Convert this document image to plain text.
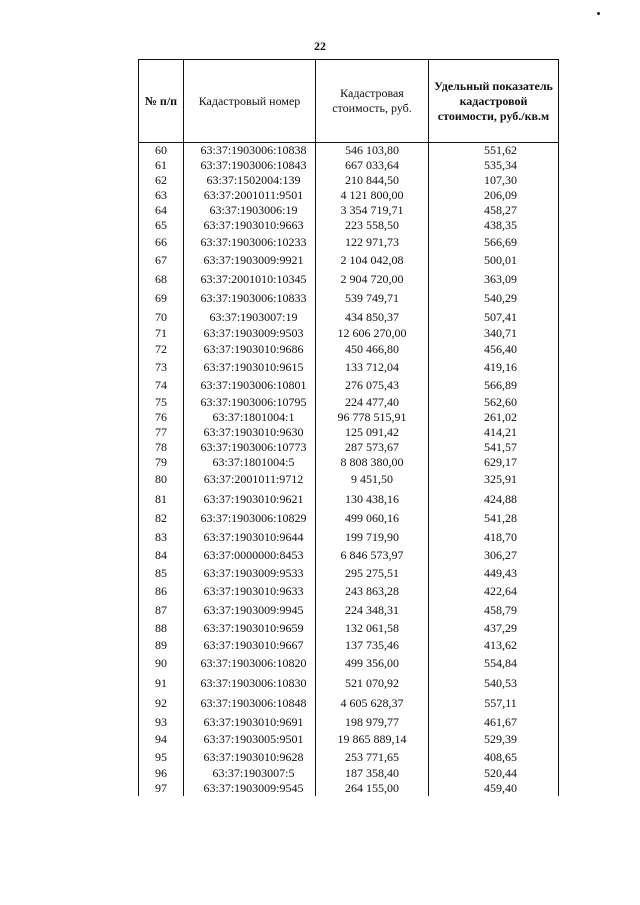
22
№ п/п	Кадастровый номер	Кадастровая стоимость, руб.	Удельный показатель кадастровой стоимости, руб./кв.м
60	63:37:1903006:10838	546 103,80	551,62
61	63:37:1903006:10843	667 033,64	535,34
62	63:37:1502004:139	210 844,50	107,30
63	63:37:2001011:9501	4 121 800,00	206,09
64	63:37:1903006:19	3 354 719,71	458,27
65	63:37:1903010:9663	223 558,50	438,35
66	63:37:1903006:10233	122 971,73	566,69
67	63:37:1903009:9921	2 104 042,08	500,01
68	63:37:2001010:10345	2 904 720,00	363,09
69	63:37:1903006:10833	539 749,71	540,29
70	63:37:1903007:19	434 850,37	507,41
71	63:37:1903009:9503	12 606 270,00	340,71
72	63:37:1903010:9686	450 466,80	456,40
73	63:37:1903010:9615	133 712,04	419,16
74	63:37:1903006:10801	276 075,43	566,89
75	63:37:1903006:10795	224 477,40	562,60
76	63:37:1801004:1	96 778 515,91	261,02
77	63:37:1903010:9630	125 091,42	414,21
78	63:37:1903006:10773	287 573,67	541,57
79	63:37:1801004:5	8 808 380,00	629,17
80	63:37:2001011:9712	9 451,50	325,91
81	63:37:1903010:9621	130 438,16	424,88
82	63:37:1903006:10829	499 060,16	541,28
83	63:37:1903010:9644	199 719,90	418,70
84	63:37:0000000:8453	6 846 573,97	306,27
85	63:37:1903009:9533	295 275,51	449,43
86	63:37:1903010:9633	243 863,28	422,64
87	63:37:1903009:9945	224 348,31	458,79
88	63:37:1903010:9659	132 061,58	437,29
89	63:37:1903010:9667	137 735,46	413,62
90	63:37:1903006:10820	499 356,00	554,84
91	63:37:1903006:10830	521 070,92	540,53
92	63:37:1903006:10848	4 605 628,37	557,11
93	63:37:1903010:9691	198 979,77	461,67
94	63:37:1903005:9501	19 865 889,14	529,39
95	63:37:1903010:9628	253 771,65	408,65
96	63:37:1903007:5	187 358,40	520,44
97	63:37:1903009:9545	264 155,00	459,40
